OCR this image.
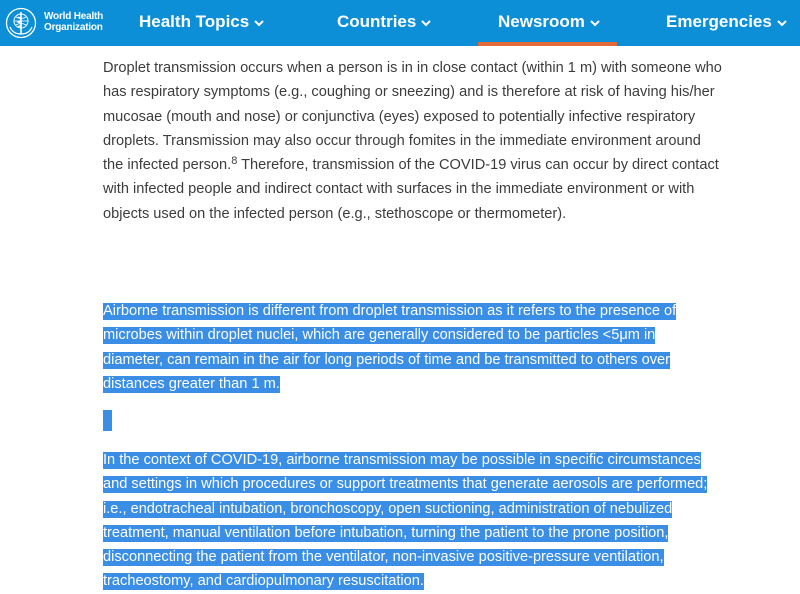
World Health
Organization Health Topics	Countries	Newsroom	Emergencies

Droplet transmission occurs when a person is in in close contact (within 1 m) with someone who has respiratory symptoms (e.g., coughing or sneezing) and is therefore at risk of having his/her mucosae (mouth and nose) or conjunctiva (eyes) exposed to potentially infective respiratory droplets. Transmission may also occur through fomites in the immediate environment around the infected person.$^8$ Therefore, transmission of the COVID-19 virus can occur by direct contact with infected people and indirect contact with surfaces in the immediate environment or with objects used on the infected person (e.g., stethoscope or thermometer).

Airborne transmission is different from droplet transmission as it refers to the presence of microbes within droplet nuclei, which are generally considered to be particles <5μm in diameter, can remain in the air for long periods of time and be transmitted to others over distances greater than 1 m.

In the context of COVID-19, airborne transmission may be possible in specific circumstances and settings in which procedures or support treatments that generate aerosols are performed; i.e., endotracheal intubation, bronchoscopy, open suctioning, administration of nebulized treatment, manual ventilation before intubation, turning the patient to the prone position, disconnecting the patient from the ventilator, non-invasive positive-pressure ventilation, tracheostomy, and cardiopulmonary resuscitation.
